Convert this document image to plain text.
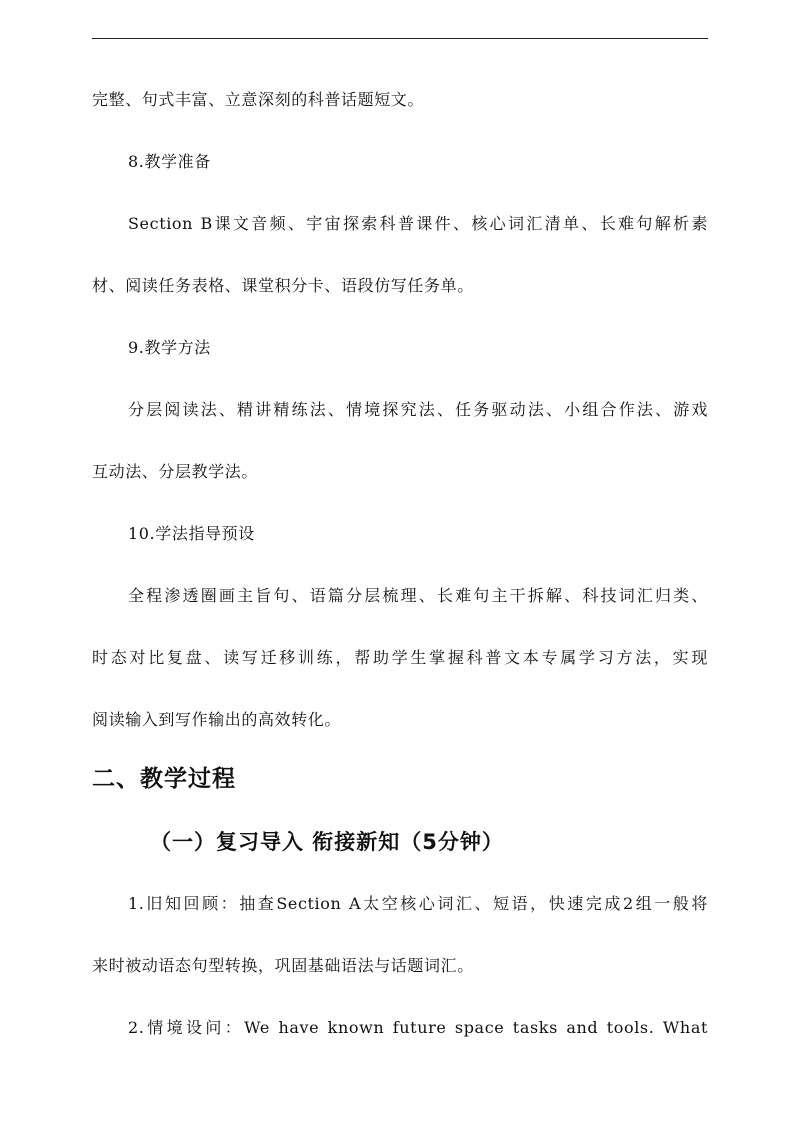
完整、句式丰富、立意深刻的科普话题短文。
8.教学准备
Section B课文音频、宇宙探索科普课件、核心词汇清单、长难句解析素
材、阅读任务表格、课堂积分卡、语段仿写任务单。
9.教学方法
分层阅读法、精讲精练法、情境探究法、任务驱动法、小组合作法、游戏
互动法、分层教学法。
10.学法指导预设
全程渗透圈画主旨句、语篇分层梳理、长难句主干拆解、科技词汇归类、
时态对比复盘、读写迁移训练，帮助学生掌握科普文本专属学习方法，实现
阅读输入到写作输出的高效转化。
二、教学过程
（一）复习导入 衔接新知（5分钟）
1.旧知回顾：抽查Section A太空核心词汇、短语，快速完成2组一般将
来时被动语态句型转换，巩固基础语法与话题词汇。
2.情境设问：We have known future space tasks and tools. What
